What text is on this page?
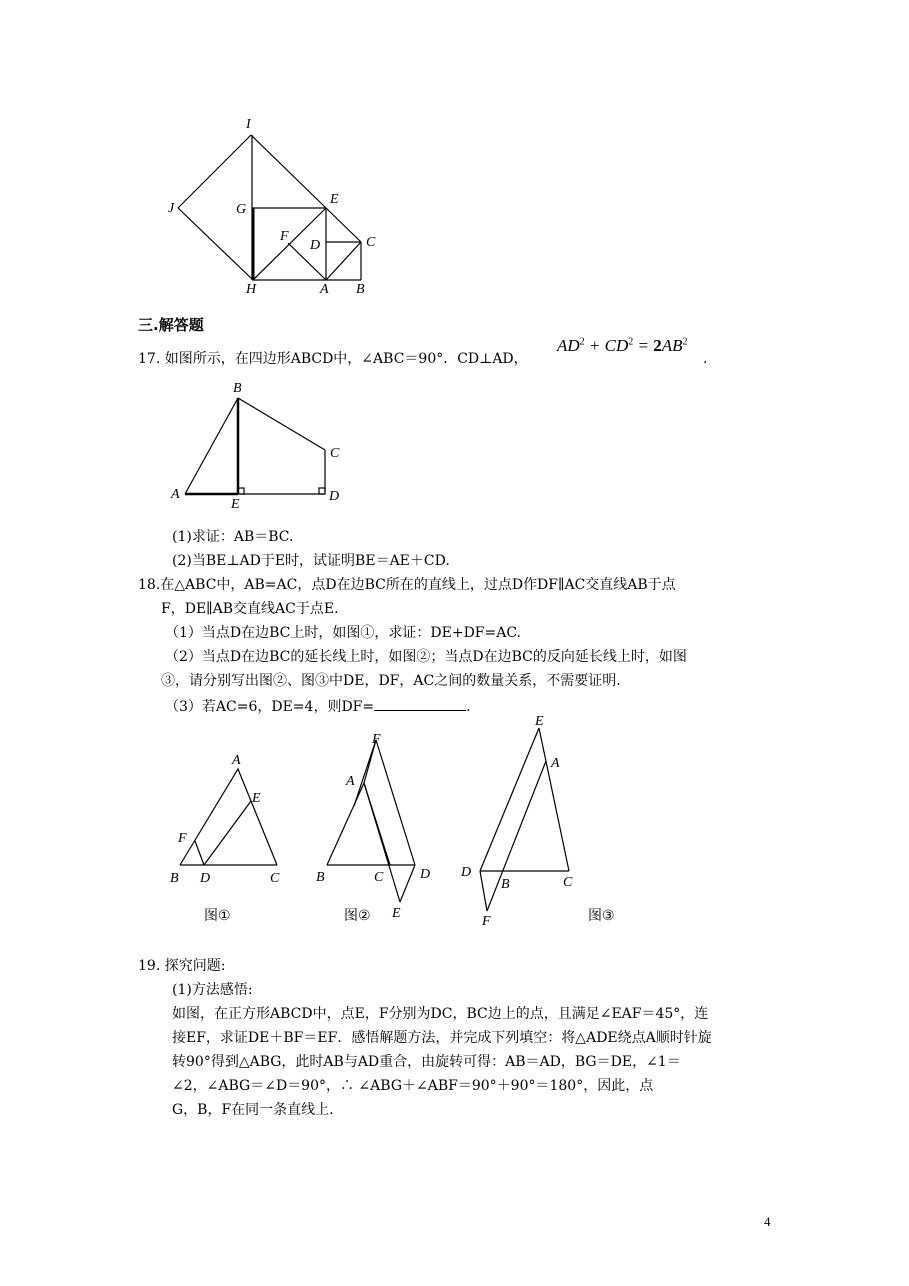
I
J	G
E
F
D	C
H	A B
三.解答题
17. 如图所示，在四边形ABCD中，∠ABC＝90°．CD⊥AD，
$AD^2 + CD^2 = 2AB^2$
.
B
C
A
E
D
(1)求证：AB＝BC.
(2)当BE⊥AD于E时，试证明BE＝AE＋CD.
18.在△ABC中，AB=AC，点D在边BC所在的直线上，过点D作DF∥AC交直线AB于点
F，DE∥AB交直线AC于点E.
（1）当点D在边BC上时，如图①，求证：DE+DF=AC.
（2）当点D在边BC的延长线上时，如图②；当点D在边BC的反向延长线上时，如图
③，请分别写出图②、图③中DE，DF，AC之间的数量关系，不需要证明.
（3）若AC=6，DE=4，则DF=	.
A
E
F
B D	C
图①
F
A
B	C	D
E
图②
E
A
D
B	C
F	图③
19. 探究问题:
(1)方法感悟:
如图，在正方形ABCD中，点E，F分别为DC，BC边上的点，且满足∠EAF＝45°，连
接EF，求证DE＋BF＝EF．感悟解题方法，并完成下列填空：将△ADE绕点A顺时针旋
转90°得到△ABG，此时AB与AD重合，由旋转可得：AB＝AD，BG＝DE，∠1＝
∠2，∠ABG＝∠D＝90°，∴ ∠ABG＋∠ABF＝90°＋90°＝180°，因此，点
G，B，F在同一条直线上.
4
